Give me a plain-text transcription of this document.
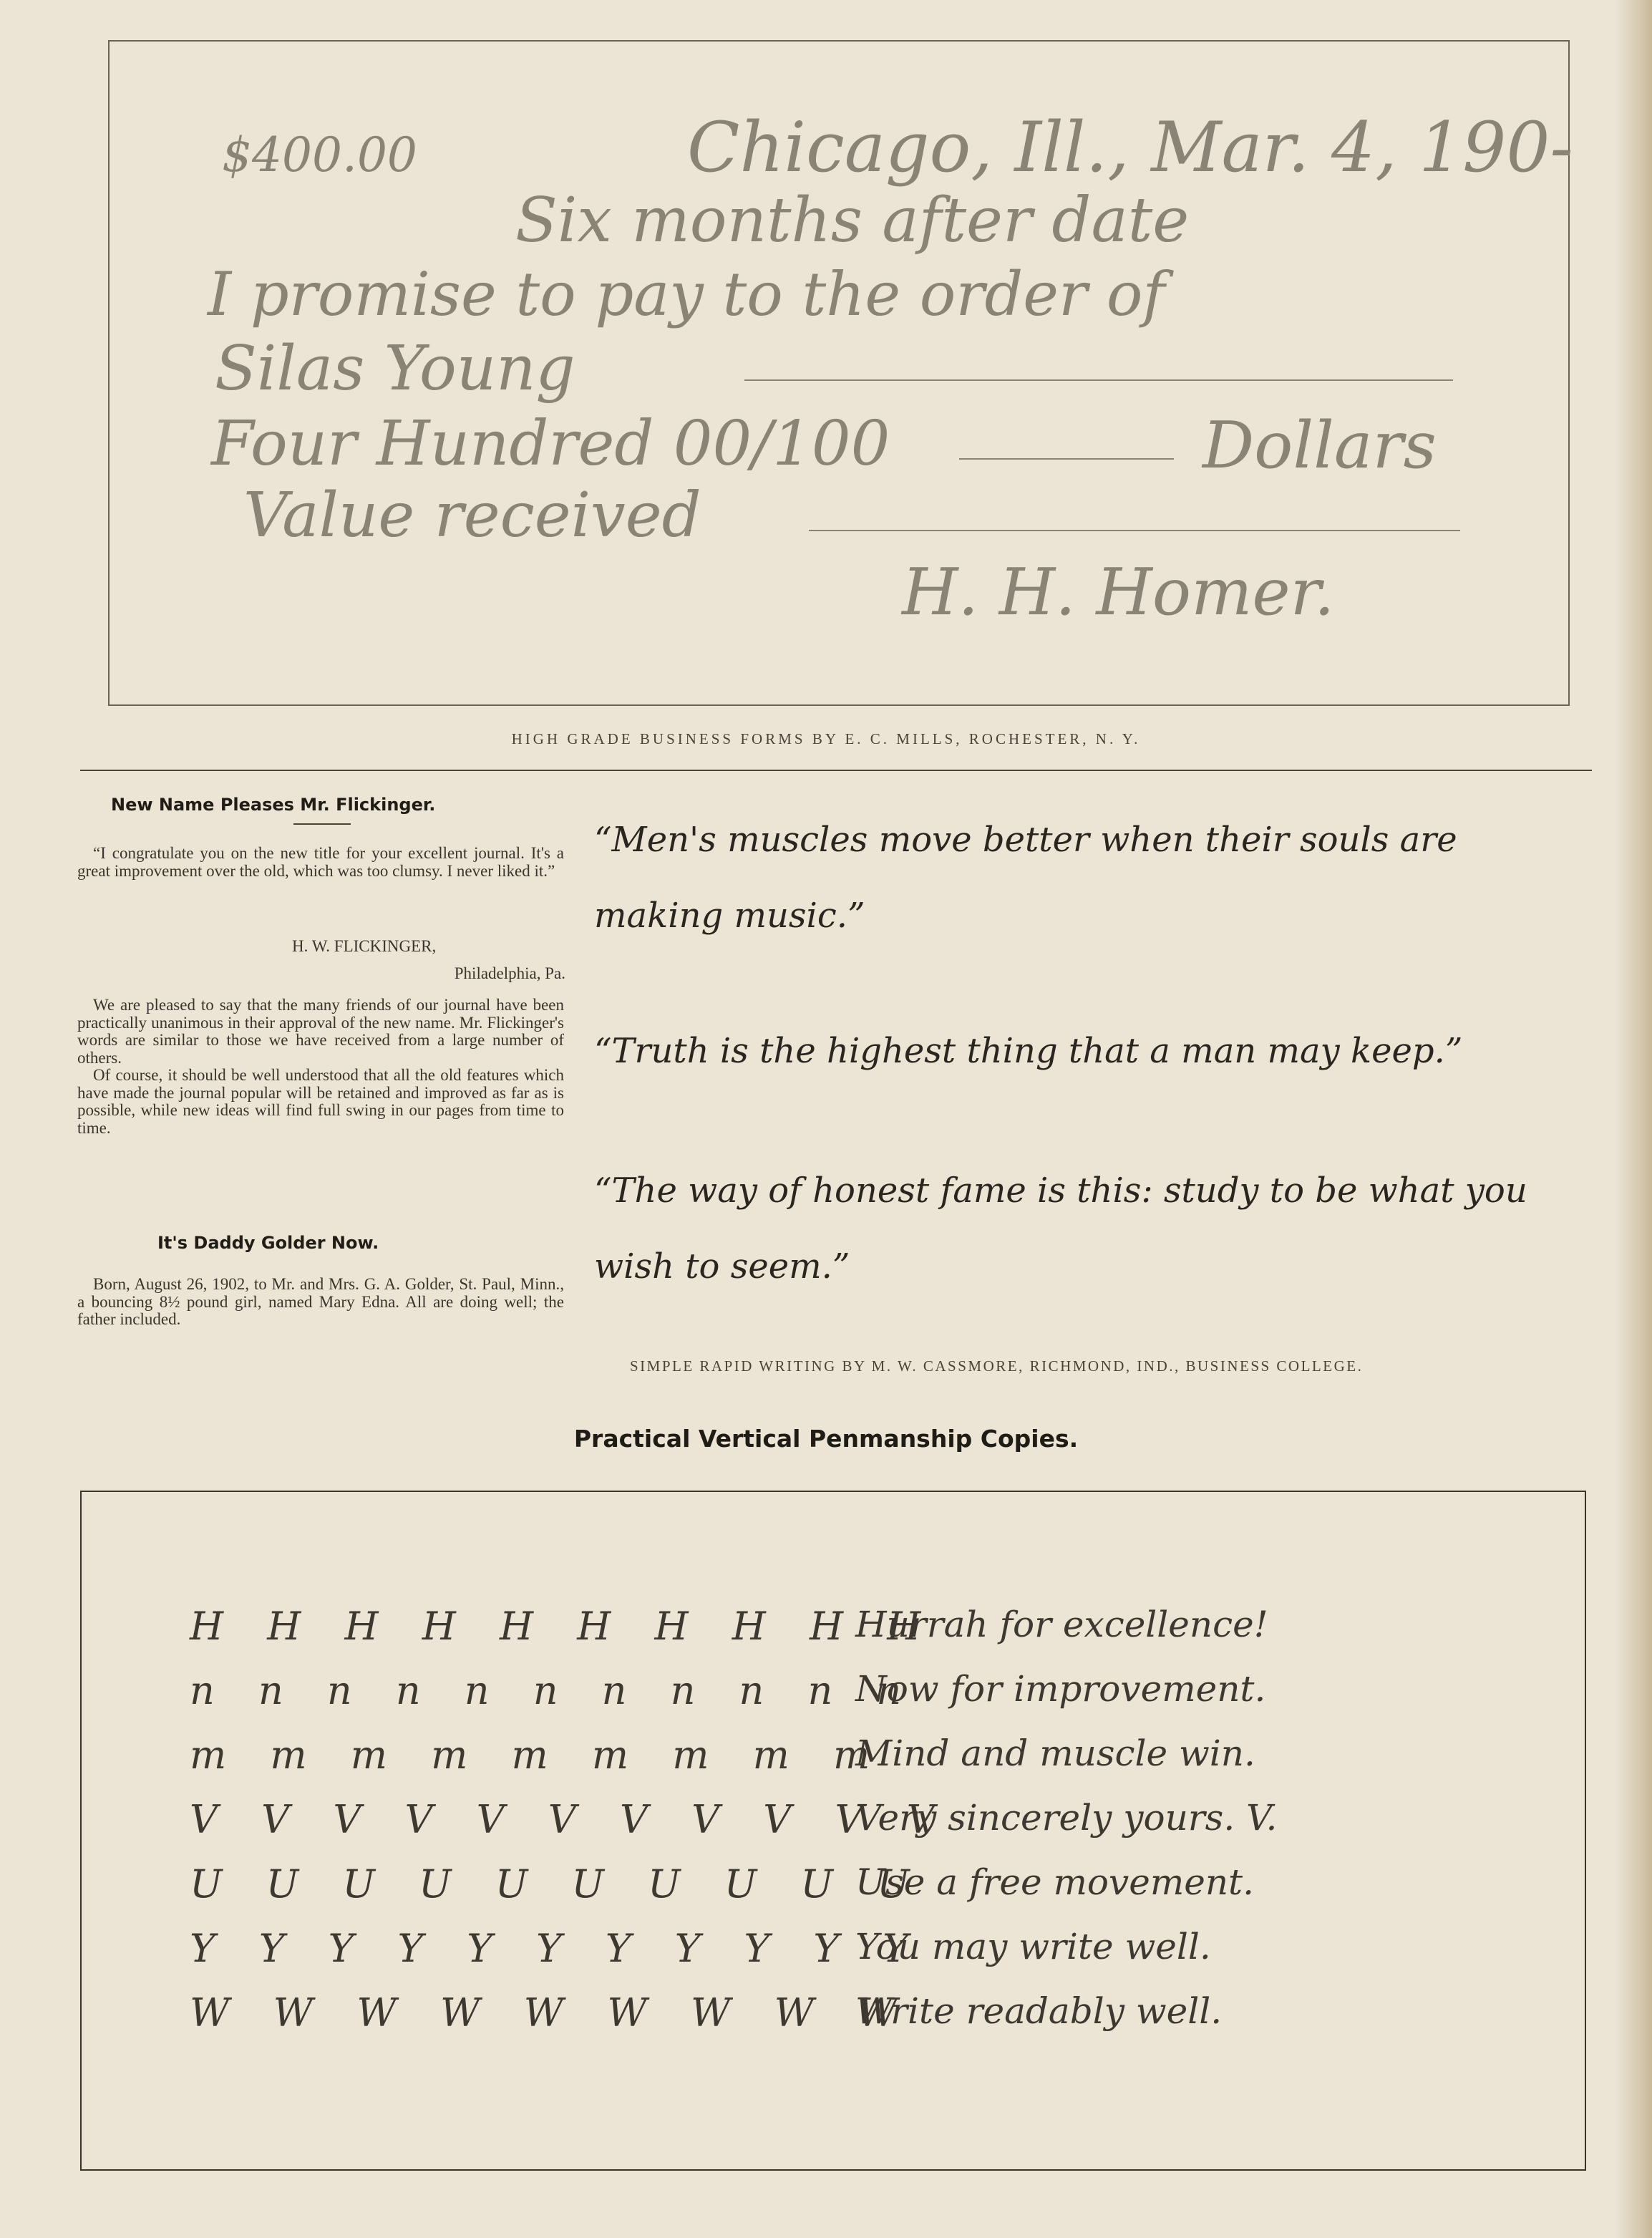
$400.00	Chicago, Ill., Mar. 4, 190-
Six months after date
I promise to pay to the order of
Silas Young
Four Hundred 00/100	Dollars
Value received
H. H. Homer.
HIGH GRADE BUSINESS FORMS BY E. C. MILLS, ROCHESTER, N. Y.
New Name Pleases Mr. Flickinger.

“I congratulate you on the new title for your excellent journal. It's a great improvement over the old, which was too clumsy. I never liked it.”

H. W. FLICKINGER,
Philadelphia, Pa.

We are pleased to say that the many friends of our journal have been practically unanimous in their approval of the new name. Mr. Flickinger's words are similar to those we have received from a large number of others.

Of course, it should be well understood that all the old features which have made the journal popular will be retained and improved as far as is possible, while new ideas will find full swing in our pages from time to time.

It's Daddy Golder Now.

Born, August 26, 1902, to Mr. and Mrs. G. A. Golder, St. Paul, Minn., a bouncing 8½ pound girl, named Mary Edna. All are doing well; the father included.

“Men's muscles move better when their souls are making music.”
“Truth is the highest thing that a man may keep.”
“The way of honest fame is this: study to be what you wish to seem.”
SIMPLE RAPID WRITING BY M. W. CASSMORE, RICHMOND, IND., BUSINESS COLLEGE.
Practical Vertical Penmanship Copies.
H H H H H H H H H H
Hurrah for excellence!
n n n n n n n n n n n
Now for improvement.
m m m m m m m m m
Mind and muscle win.
V V V V V V V V V V V
Very sincerely yours. V.
U U U U U U U U U U
Use a free movement.
Y Y Y Y Y Y Y Y Y Y Y
You may write well.
W W W W W W W W W
Write readably well.
